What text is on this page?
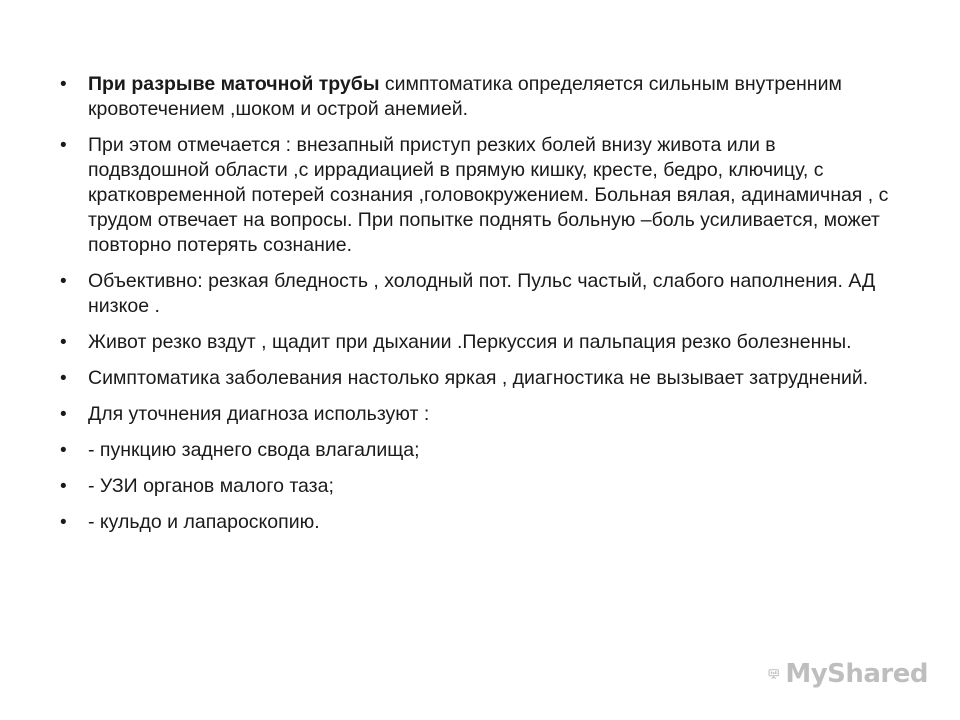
• При разрыве маточной трубы симптоматика определяется сильным внутренним кровотечением ,шоком и острой анемией.
• При этом отмечается : внезапный приступ резких болей внизу живота или в подвздошной области ,с иррадиацией в прямую кишку, кресте, бедро, ключицу, с кратковременной потерей сознания ,головокружением. Больная вялая, адинамичная , с трудом отвечает на вопросы. При попытке поднять больную –боль усиливается, может повторно потерять сознание.
• Объективно: резкая бледность , холодный пот. Пульс частый, слабого наполнения. АД низкое .
• Живот резко вздут , щадит при дыхании .Перкуссия и пальпация резко болезненны.
• Симптоматика заболевания настолько яркая , диагностика не вызывает затруднений.
• Для уточнения диагноза используют :
• - пункцию заднего свода влагалища;
• - УЗИ органов малого таза;
• - кульдо и лапароскопию.
MyShared
